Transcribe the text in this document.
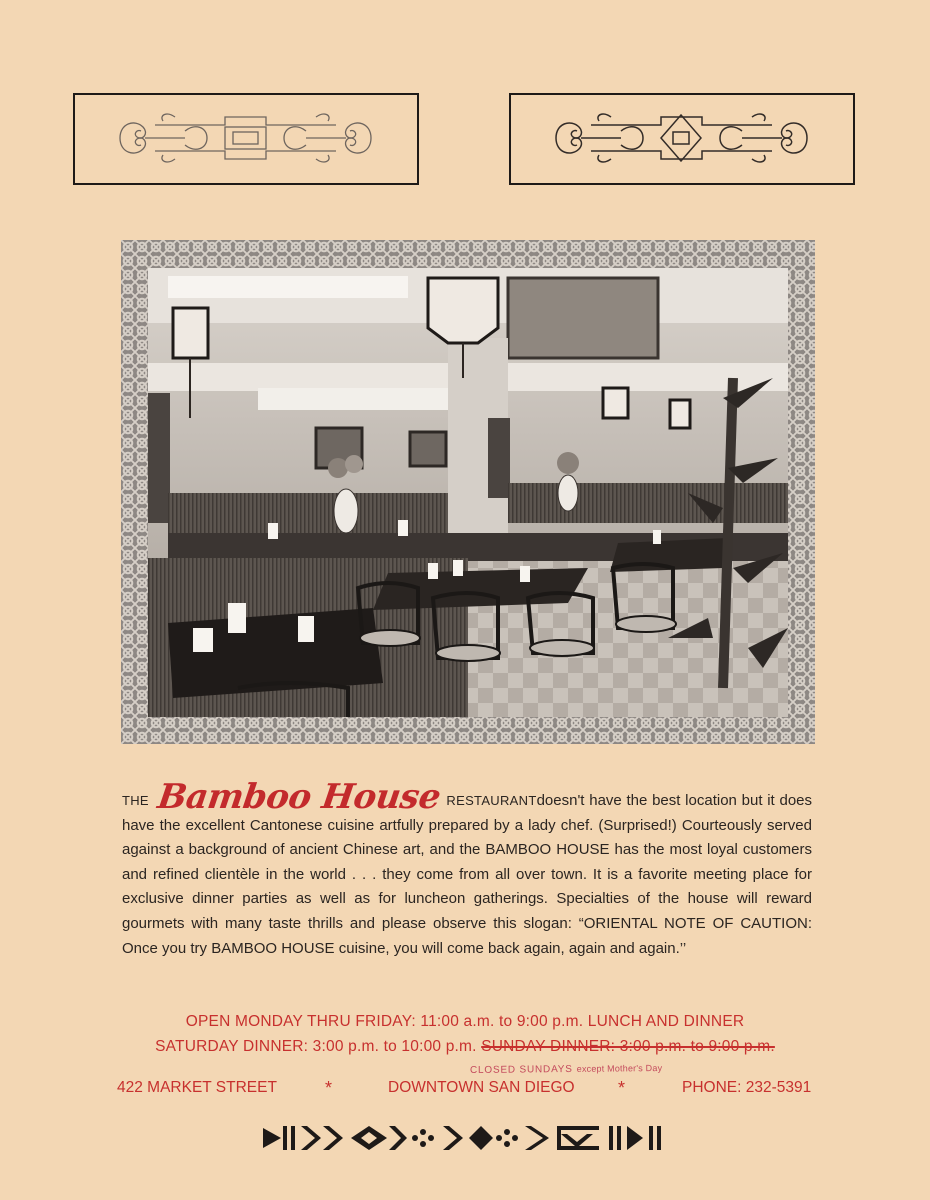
THE Bamboo House RESTAURANTdoesn't have the best location but it does have the excellent Cantonese cuisine artfully prepared by a lady chef. (Surprised!) Courteously served against a background of ancient Chinese art, and the BAMBOO HOUSE has the most loyal customers and refined clientèle in the world . . . they come from all over town. It is a favorite meeting place for exclusive dinner parties as well as for luncheon gatherings. Specialties of the house will reward gourmets with many taste thrills and please observe this slogan: “ORIENTAL NOTE OF CAUTION: Once you try BAMBOO HOUSE cuisine, you will come back again, again and again.’’
OPEN MONDAY THRU FRIDAY: 11:00 a.m. to 9:00 p.m. LUNCH AND DINNER
SATURDAY DINNER: 3:00 p.m. to 10:00 p.m. SUNDAY DINNER: 3:00 p.m. to 9:00 p.m.
CLOSED SUNDAYS except Mother's Day
422 MARKET STREET	*	DOWNTOWN SAN DIEGO *	PHONE: 232-5391
